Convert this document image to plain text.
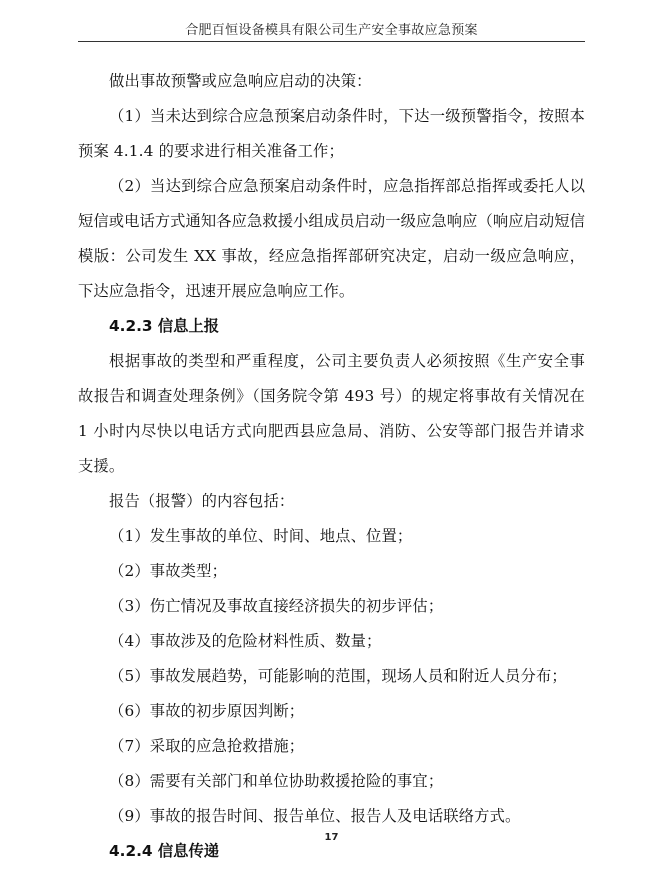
合肥百恒设备模具有限公司生产安全事故应急预案

做出事故预警或应急响应启动的决策：

（1）当未达到综合应急预案启动条件时，下达一级预警指令，按照本预案 4.1.4 的要求进行相关准备工作；

（2）当达到综合应急预案启动条件时，应急指挥部总指挥或委托人以短信或电话方式通知各应急救援小组成员启动一级应急响应（响应启动短信模版：公司发生 XX 事故，经应急指挥部研究决定，启动一级应急响应，下达应急指令，迅速开展应急响应工作。

4.2.3 信息上报

根据事故的类型和严重程度，公司主要负责人必须按照《生产安全事故报告和调查处理条例》（国务院令第 493 号）的规定将事故有关情况在 1 小时内尽快以电话方式向肥西县应急局、消防、公安等部门报告并请求支援。

报告（报警）的内容包括：

（1）发生事故的单位、时间、地点、位置；

（2）事故类型；

（3）伤亡情况及事故直接经济损失的初步评估；

（4）事故涉及的危险材料性质、数量；

（5）事故发展趋势，可能影响的范围，现场人员和附近人员分布；

（6）事故的初步原因判断；

（7）采取的应急抢救措施；

（8）需要有关部门和单位协助救援抢险的事宜；

（9）事故的报告时间、报告单位、报告人及电话联络方式。

4.2.4 信息传递

17
